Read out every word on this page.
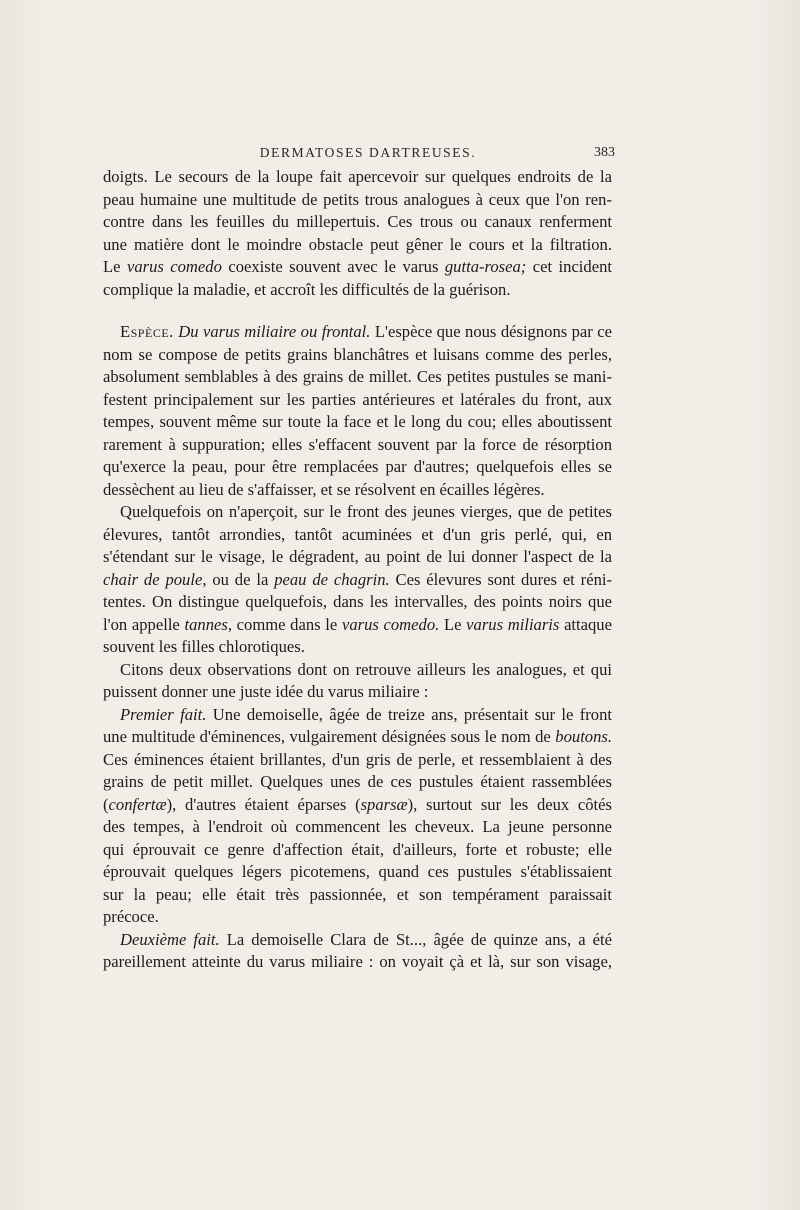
DERMATOSES DARTREUSES.	383

doigts. Le secours de la loupe fait apercevoir sur quelques endroits de la
peau humaine une multitude de petits trous analogues à ceux que l'on ren-
contre dans les feuilles du millepertuis. Ces trous ou canaux renferment
une matière dont le moindre obstacle peut gêner le cours et la filtration.
Le varus comedo coexiste souvent avec le varus gutta-rosea; cet incident
complique la maladie, et accroît les difficultés de la guérison.

Espèce. Du varus miliaire ou frontal. L'espèce que nous désignons par ce
nom se compose de petits grains blanchâtres et luisans comme des perles,
absolument semblables à des grains de millet. Ces petites pustules se mani-
festent principalement sur les parties antérieures et latérales du front, aux
tempes, souvent même sur toute la face et le long du cou; elles aboutissent
rarement à suppuration; elles s'effacent souvent par la force de résorption
qu'exerce la peau, pour être remplacées par d'autres; quelquefois elles se
dessèchent au lieu de s'affaisser, et se résolvent en écailles légères.

Quelquefois on n'aperçoit, sur le front des jeunes vierges, que de petites
élevures, tantôt arrondies, tantôt acuminées et d'un gris perlé, qui, en
s'étendant sur le visage, le dégradent, au point de lui donner l'aspect de la
chair de poule, ou de la peau de chagrin. Ces élevures sont dures et réni-
tentes. On distingue quelquefois, dans les intervalles, des points noirs que
l'on appelle tannes, comme dans le varus comedo. Le varus miliaris attaque
souvent les filles chlorotiques.

Citons deux observations dont on retrouve ailleurs les analogues, et qui
puissent donner une juste idée du varus miliaire :

Premier fait. Une demoiselle, âgée de treize ans, présentait sur le front
une multitude d'éminences, vulgairement désignées sous le nom de boutons.
Ces éminences étaient brillantes, d'un gris de perle, et ressemblaient à des
grains de petit millet. Quelques unes de ces pustules étaient rassemblées
(confertæ), d'autres étaient éparses (sparsæ), surtout sur les deux côtés
des tempes, à l'endroit où commencent les cheveux. La jeune personne
qui éprouvait ce genre d'affection était, d'ailleurs, forte et robuste; elle
éprouvait quelques légers picotemens, quand ces pustules s'établissaient
sur la peau; elle était très passionnée, et son tempérament paraissait
précoce.

Deuxième fait. La demoiselle Clara de St..., âgée de quinze ans, a été
pareillement atteinte du varus miliaire : on voyait çà et là, sur son visage,
